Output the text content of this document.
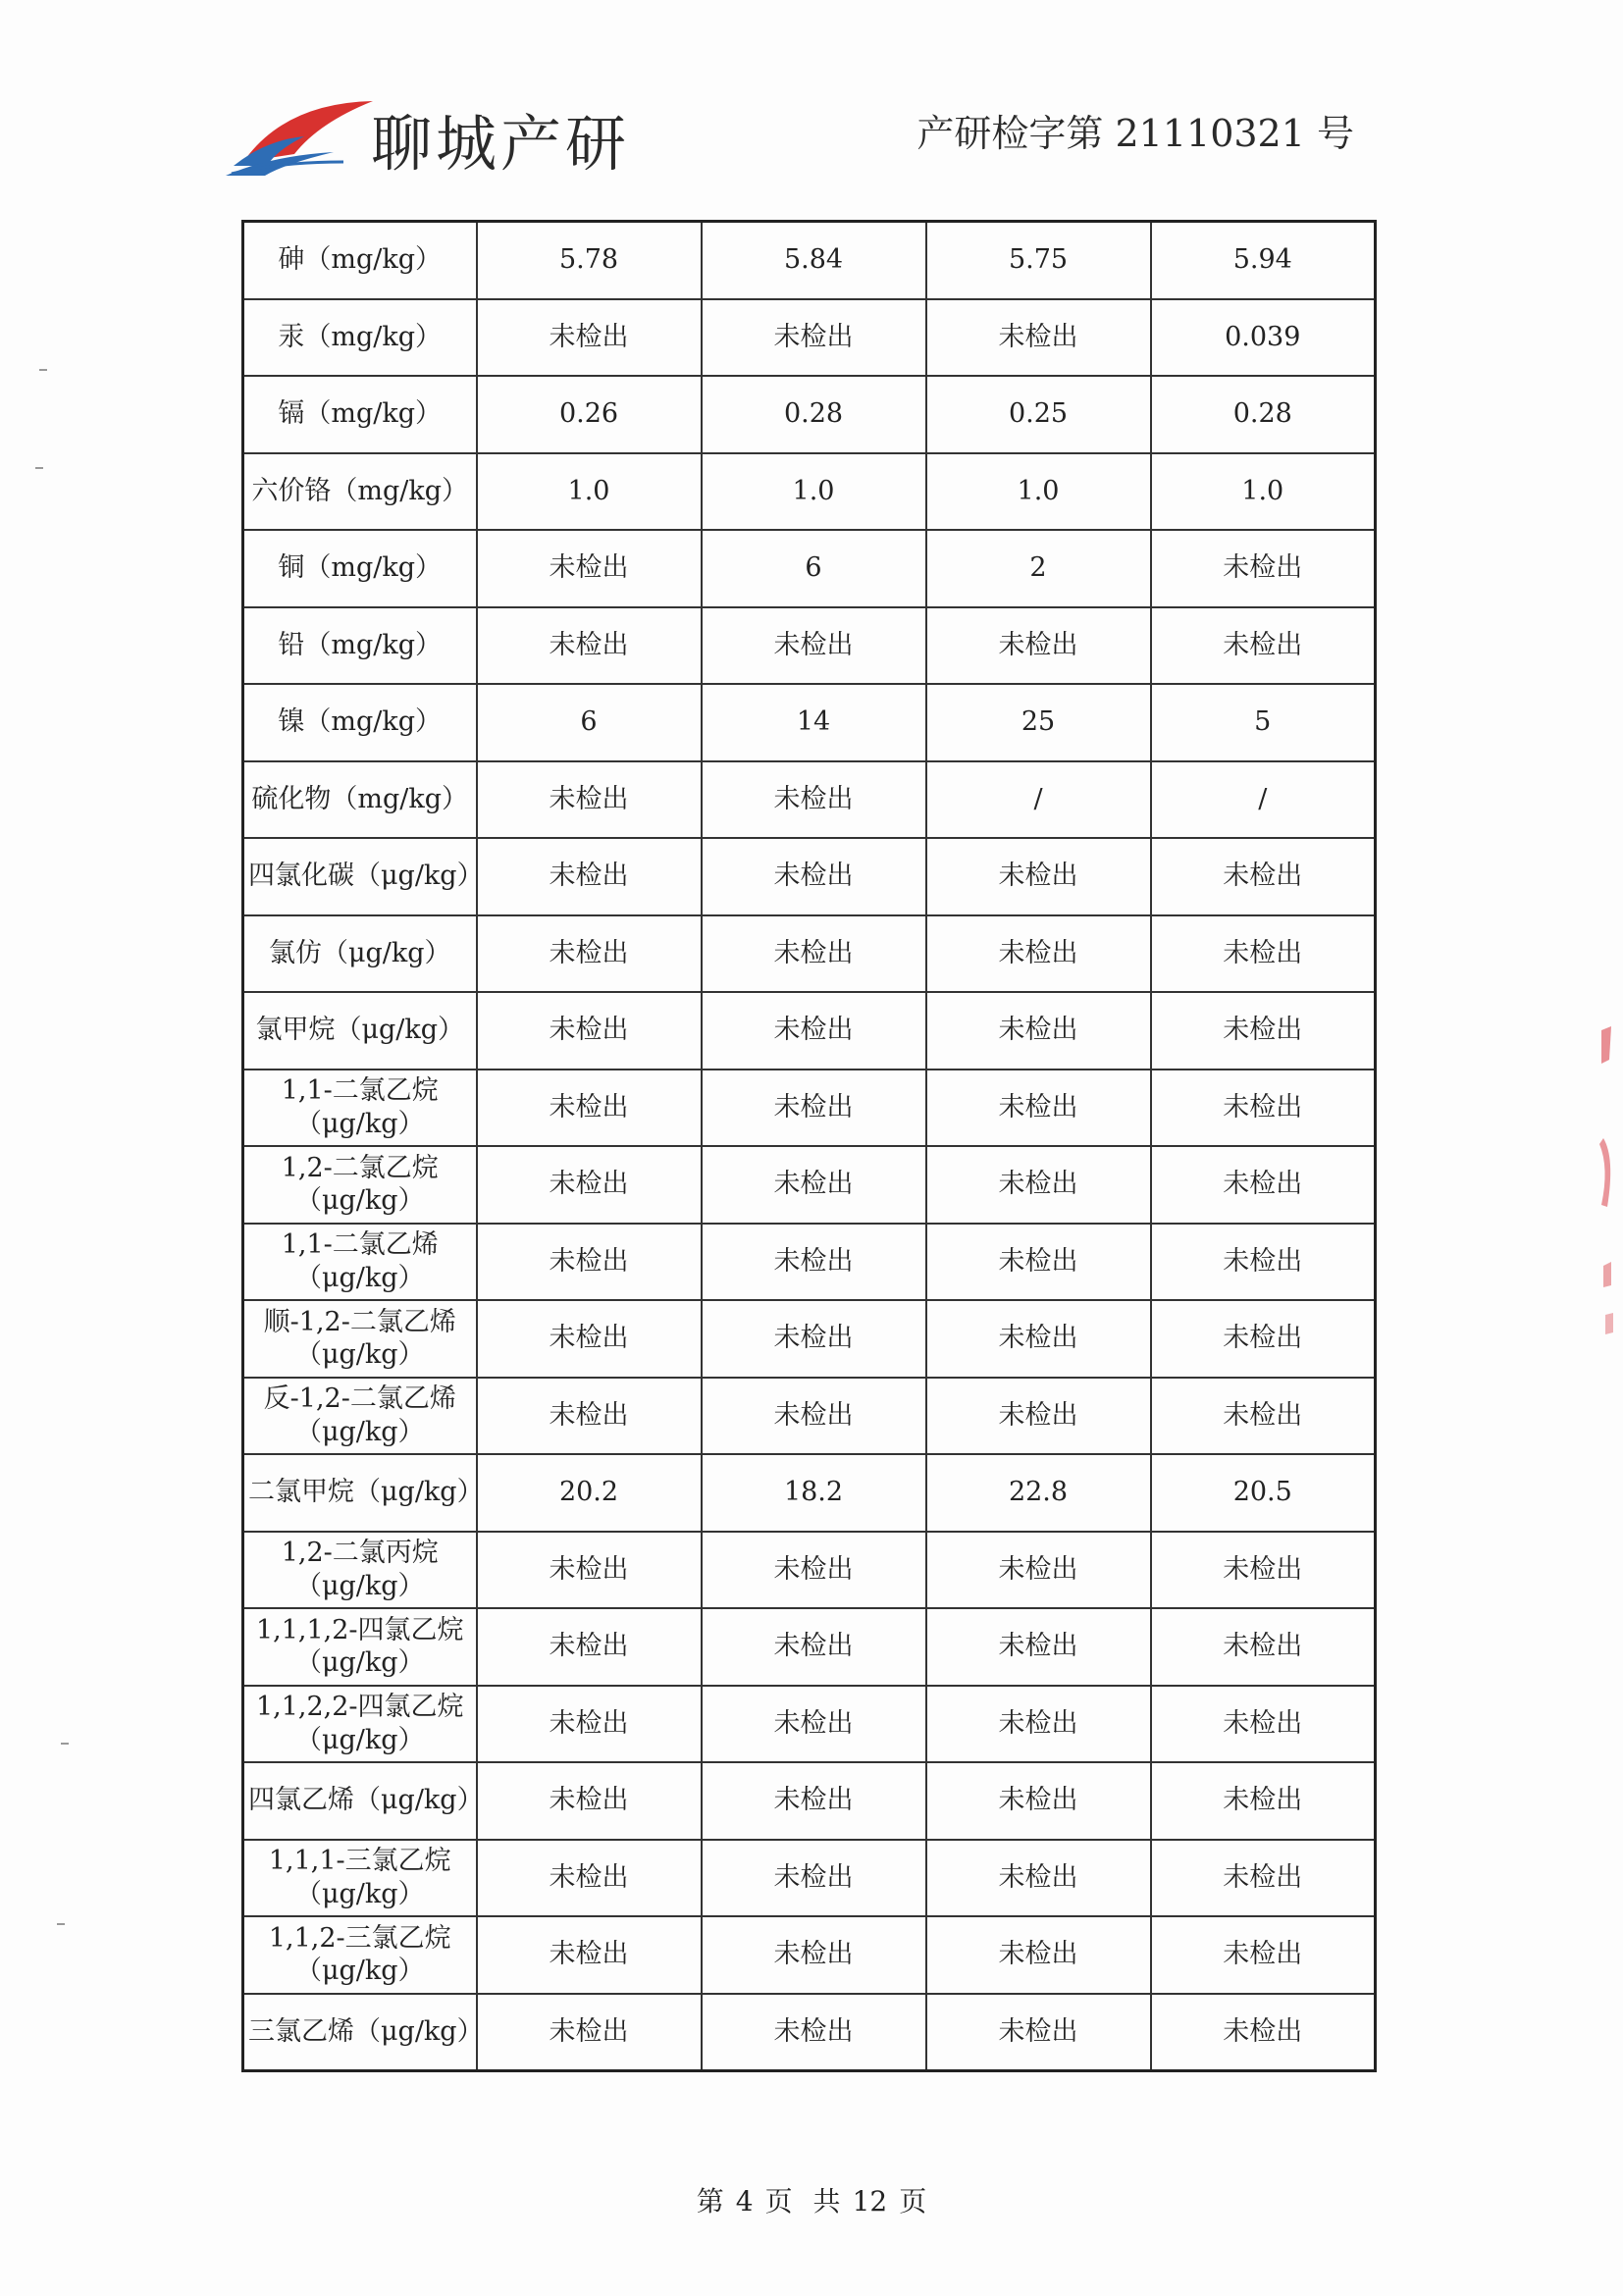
聊城产研	产研检字第 21110321 号
砷（mg/kg）	5.78	5.84	5.75	5.94
汞（mg/kg）	未检出	未检出	未检出	0.039
镉（mg/kg）	0.26	0.28	0.25	0.28
六价铬（mg/kg）	1.0	1.0	1.0	1.0
铜（mg/kg）	未检出	6	2	未检出
铅（mg/kg）	未检出	未检出	未检出	未检出
镍（mg/kg）	6	14	25	5
硫化物（mg/kg）	未检出	未检出	/	/
四氯化碳（μg/kg）	未检出	未检出	未检出	未检出
氯仿（μg/kg）	未检出	未检出	未检出	未检出
氯甲烷（μg/kg）	未检出	未检出	未检出	未检出
1,1-二氯乙烷
（μg/kg）	未检出	未检出	未检出	未检出
1,2-二氯乙烷
（μg/kg）	未检出	未检出	未检出	未检出
1,1-二氯乙烯
（μg/kg）	未检出	未检出	未检出	未检出
顺-1,2-二氯乙烯
（μg/kg）	未检出	未检出	未检出	未检出
反-1,2-二氯乙烯
（μg/kg）	未检出	未检出	未检出	未检出
二氯甲烷（μg/kg）	20.2	18.2	22.8	20.5
1,2-二氯丙烷
（μg/kg）	未检出	未检出	未检出	未检出
1,1,1,2-四氯乙烷
（μg/kg）	未检出	未检出	未检出	未检出
1,1,2,2-四氯乙烷
（μg/kg）	未检出	未检出	未检出	未检出
四氯乙烯（μg/kg）	未检出	未检出	未检出	未检出
1,1,1-三氯乙烷
（μg/kg）	未检出	未检出	未检出	未检出
1,1,2-三氯乙烷
（μg/kg）	未检出	未检出	未检出	未检出
三氯乙烯（μg/kg）	未检出	未检出	未检出	未检出
第 4 页 共 12 页
